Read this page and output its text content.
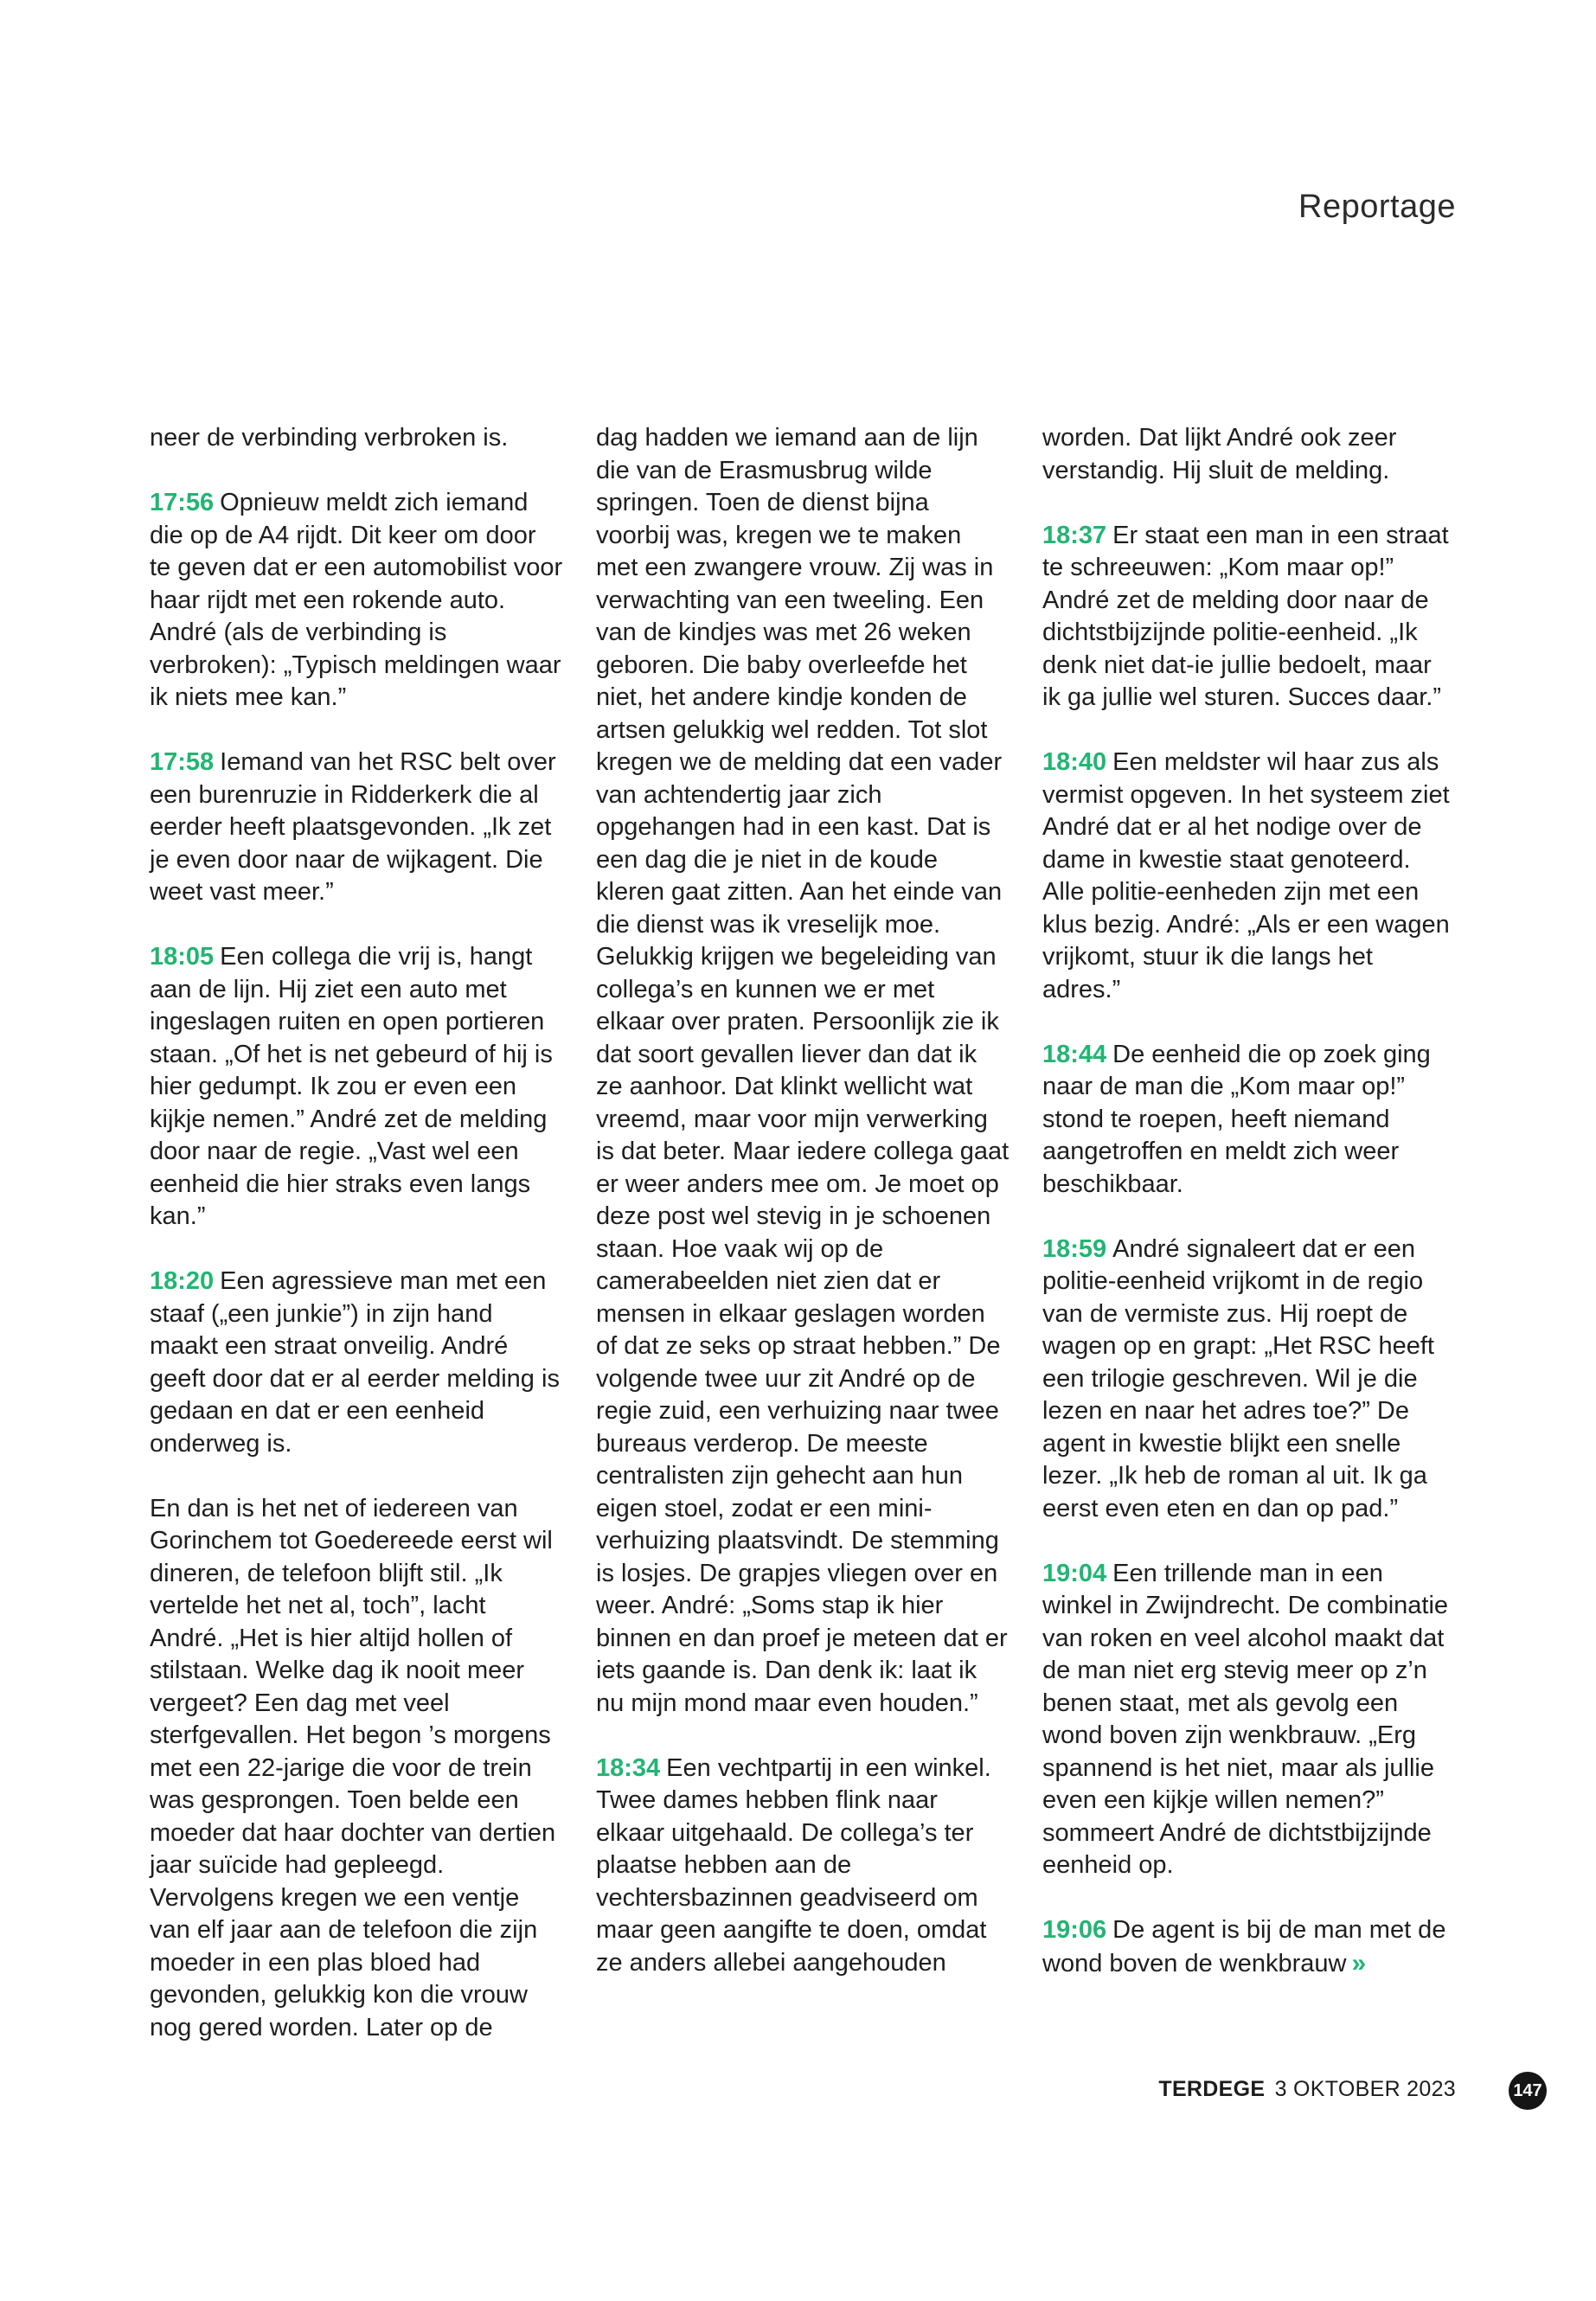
Reportage

neer de verbinding verbroken is.

17:56 Opnieuw meldt zich iemand die op de A4 rijdt. Dit keer om door te geven dat er een automobilist voor haar rijdt met een rokende auto. André (als de verbinding is verbroken): „Typisch meldingen waar ik niets mee kan.”

17:58 Iemand van het RSC belt over een burenruzie in Ridderkerk die al eerder heeft plaatsgevonden. „Ik zet je even door naar de wijkagent. Die weet vast meer.”

18:05 Een collega die vrij is, hangt aan de lijn. Hij ziet een auto met ingeslagen ruiten en open portieren staan. „Of het is net gebeurd of hij is hier gedumpt. Ik zou er even een kijkje nemen.” André zet de melding door naar de regie. „Vast wel een eenheid die hier straks even langs kan.”

18:20 Een agressieve man met een staaf („een junkie”) in zijn hand maakt een straat onveilig. André geeft door dat er al eerder melding is gedaan en dat er een eenheid onderweg is.

En dan is het net of iedereen van Gorinchem tot Goedereede eerst wil dineren, de telefoon blijft stil. „Ik vertelde het net al, toch”, lacht André. „Het is hier altijd hollen of stilstaan. Welke dag ik nooit meer vergeet? Een dag met veel sterfgevallen. Het begon ’s morgens met een 22-jarige die voor de trein was gesprongen. Toen belde een moeder dat haar dochter van dertien jaar suïcide had gepleegd. Vervolgens kregen we een ventje van elf jaar aan de telefoon die zijn moeder in een plas bloed had gevonden, gelukkig kon die vrouw nog gered worden. Later op de

dag hadden we iemand aan de lijn die van de Erasmusbrug wilde springen. Toen de dienst bijna voorbij was, kregen we te maken met een zwangere vrouw. Zij was in verwachting van een tweeling. Een van de kindjes was met 26 weken geboren. Die baby overleefde het niet, het andere kindje konden de artsen gelukkig wel redden. Tot slot kregen we de melding dat een vader van achtendertig jaar zich opgehangen had in een kast. Dat is een dag die je niet in de koude kleren gaat zitten. Aan het einde van die dienst was ik vreselijk moe. Gelukkig krijgen we begeleiding van collega’s en kunnen we er met elkaar over praten. Persoonlijk zie ik dat soort gevallen liever dan dat ik ze aanhoor. Dat klinkt wellicht wat vreemd, maar voor mijn verwerking is dat beter. Maar iedere collega gaat er weer anders mee om. Je moet op deze post wel stevig in je schoenen staan. Hoe vaak wij op de camerabeelden niet zien dat er mensen in elkaar geslagen worden of dat ze seks op straat hebben.” De volgende twee uur zit André op de regie zuid, een verhuizing naar twee bureaus verderop. De meeste centralisten zijn gehecht aan hun eigen stoel, zodat er een mini-verhuizing plaatsvindt. De stemming is losjes. De grapjes vliegen over en weer. André: „Soms stap ik hier binnen en dan proef je meteen dat er iets gaande is. Dan denk ik: laat ik nu mijn mond maar even houden.”

18:34 Een vechtpartij in een winkel. Twee dames hebben flink naar elkaar uitgehaald. De collega’s ter plaatse hebben aan de vechtersbazinnen geadviseerd om maar geen aangifte te doen, omdat ze anders allebei aangehouden

worden. Dat lijkt André ook zeer verstandig. Hij sluit de melding.

18:37 Er staat een man in een straat te schreeuwen: „Kom maar op!” André zet de melding door naar de dichtstbijzijnde politie-eenheid. „Ik denk niet dat-ie jullie bedoelt, maar ik ga jullie wel sturen. Succes daar.”

18:40 Een meldster wil haar zus als vermist opgeven. In het systeem ziet André dat er al het nodige over de dame in kwestie staat genoteerd. Alle politie-eenheden zijn met een klus bezig. André: „Als er een wagen vrijkomt, stuur ik die langs het adres.”

18:44 De eenheid die op zoek ging naar de man die „Kom maar op!” stond te roepen, heeft niemand aangetroffen en meldt zich weer beschikbaar.

18:59 André signaleert dat er een politie-eenheid vrijkomt in de regio van de vermiste zus. Hij roept de wagen op en grapt: „Het RSC heeft een trilogie geschreven. Wil je die lezen en naar het adres toe?” De agent in kwestie blijkt een snelle lezer. „Ik heb de roman al uit. Ik ga eerst even eten en dan op pad.”

19:04 Een trillende man in een winkel in Zwijndrecht. De combinatie van roken en veel alcohol maakt dat de man niet erg stevig meer op z’n benen staat, met als gevolg een wond boven zijn wenkbrauw. „Erg spannend is het niet, maar als jullie even een kijkje willen nemen?” sommeert André de dichtstbijzijnde eenheid op.

19:06 De agent is bij de man met de wond boven de wenkbrauw »

TERDEGE 3 OKTOBER 2023	147
